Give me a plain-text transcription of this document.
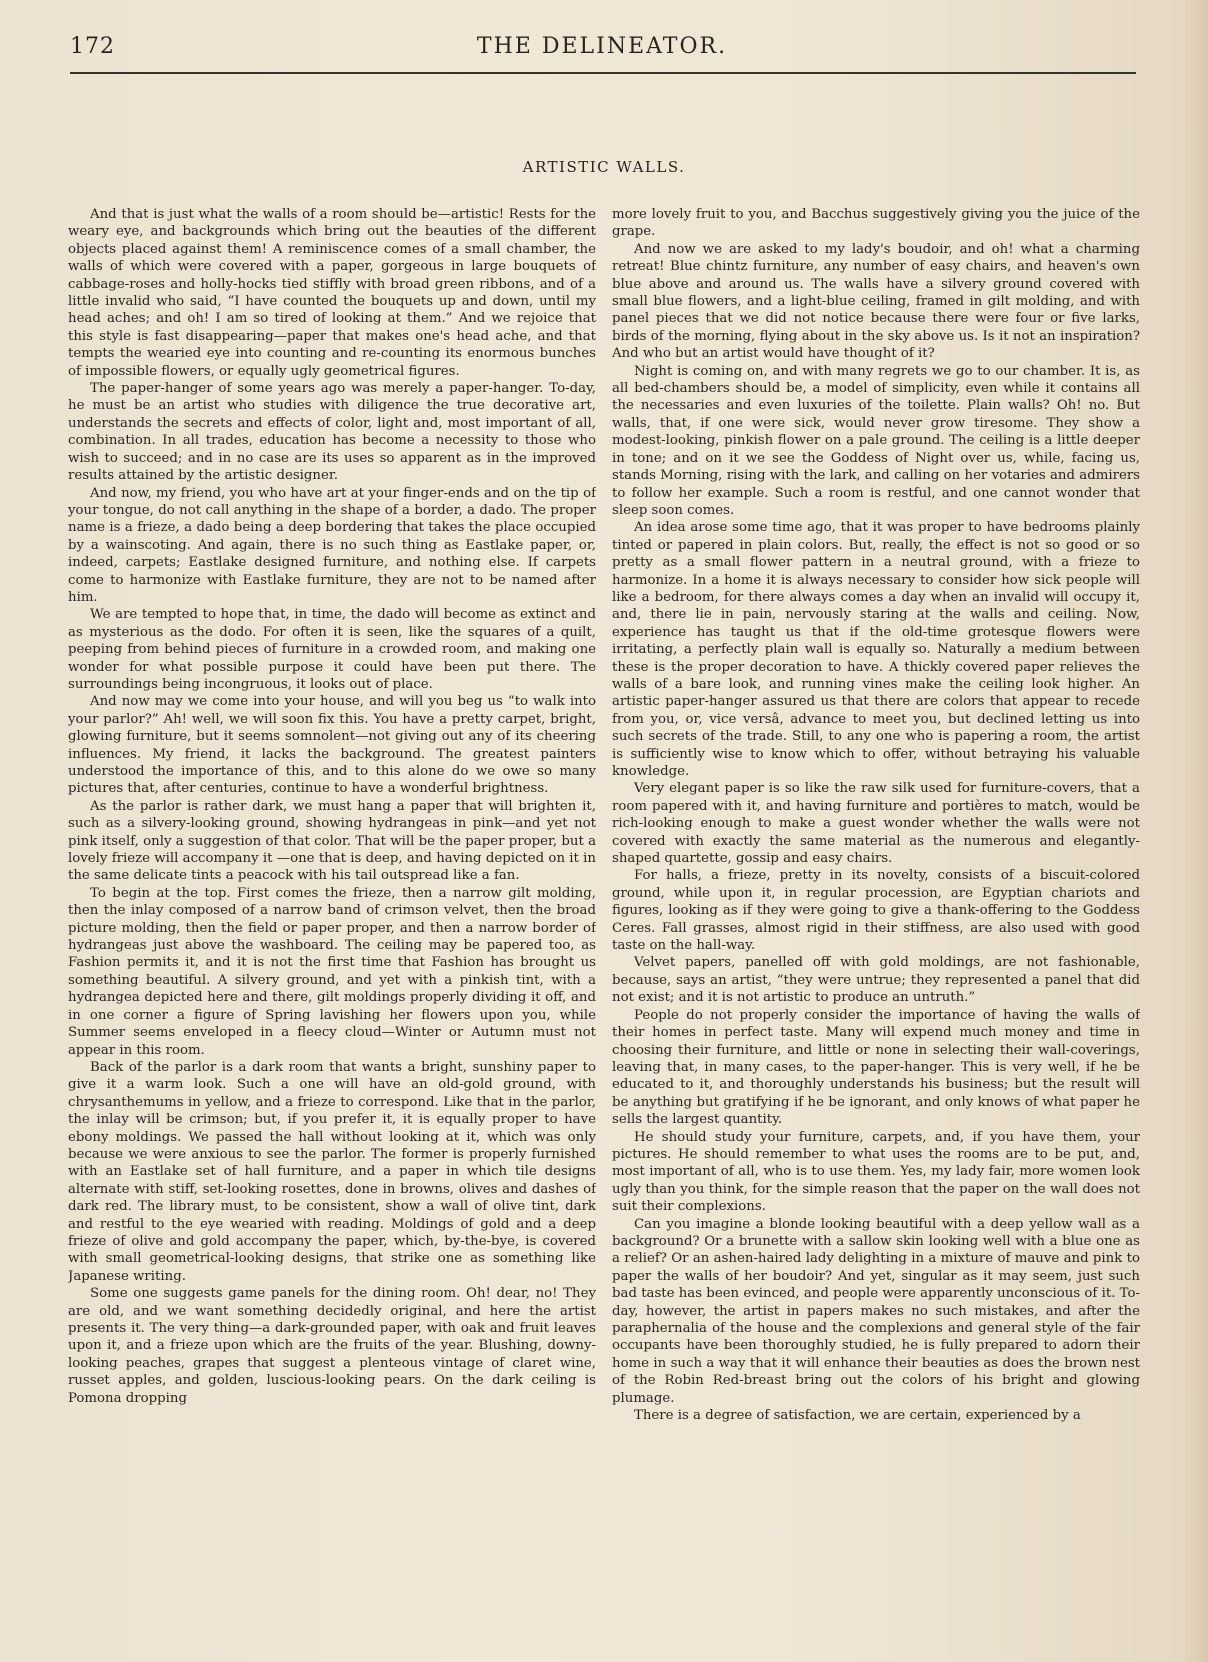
172	THE DELINEATOR.
ARTISTIC WALLS.

And that is just what the walls of a room should be—artistic! Rests for the weary eye, and backgrounds which bring out the beauties of the different objects placed against them! A reminiscence comes of a small chamber, the walls of which were covered with a paper, gorgeous in large bouquets of cabbage-roses and holly-hocks tied stiffly with broad green ribbons, and of a little invalid who said, “I have counted the bouquets up and down, until my head aches; and oh! I am so tired of looking at them.” And we rejoice that this style is fast disappearing—paper that makes one's head ache, and that tempts the wearied eye into counting and re-counting its enormous bunches of impossible flowers, or equally ugly geometrical figures.

The paper-hanger of some years ago was merely a paper-hanger. To-day, he must be an artist who studies with diligence the true decorative art, understands the secrets and effects of color, light and, most important of all, combination. In all trades, education has become a necessity to those who wish to succeed; and in no case are its uses so apparent as in the improved results attained by the artistic designer.

And now, my friend, you who have art at your finger-ends and on the tip of your tongue, do not call anything in the shape of a border, a dado. The proper name is a frieze, a dado being a deep bordering that takes the place occupied by a wainscoting. And again, there is no such thing as Eastlake paper, or, indeed, carpets; Eastlake designed furniture, and nothing else. If carpets come to harmonize with Eastlake furniture, they are not to be named after him.

We are tempted to hope that, in time, the dado will become as extinct and as mysterious as the dodo. For often it is seen, like the squares of a quilt, peeping from behind pieces of furniture in a crowded room, and making one wonder for what possible purpose it could have been put there. The surroundings being incongruous, it looks out of place.

And now may we come into your house, and will you beg us “to walk into your parlor?” Ah! well, we will soon fix this. You have a pretty carpet, bright, glowing furniture, but it seems somnolent—not giving out any of its cheering influences. My friend, it lacks the background. The greatest painters understood the importance of this, and to this alone do we owe so many pictures that, after centuries, continue to have a wonderful brightness.

As the parlor is rather dark, we must hang a paper that will brighten it, such as a silvery-looking ground, showing hydrangeas in pink—and yet not pink itself, only a suggestion of that color. That will be the paper proper, but a lovely frieze will accompany it —one that is deep, and having depicted on it in the same delicate tints a peacock with his tail outspread like a fan.

To begin at the top. First comes the frieze, then a narrow gilt molding, then the inlay composed of a narrow band of crimson velvet, then the broad picture molding, then the field or paper proper, and then a narrow border of hydrangeas just above the washboard. The ceiling may be papered too, as Fashion permits it, and it is not the first time that Fashion has brought us something beautiful. A silvery ground, and yet with a pinkish tint, with a hydrangea depicted here and there, gilt moldings properly dividing it off, and in one corner a figure of Spring lavishing her flowers upon you, while Summer seems enveloped in a fleecy cloud—Winter or Autumn must not appear in this room.

Back of the parlor is a dark room that wants a bright, sunshiny paper to give it a warm look. Such a one will have an old-gold ground, with chrysanthemums in yellow, and a frieze to correspond. Like that in the parlor, the inlay will be crimson; but, if you prefer it, it is equally proper to have ebony moldings. We passed the hall without looking at it, which was only because we were anxious to see the parlor. The former is properly furnished with an Eastlake set of hall furniture, and a paper in which tile designs alternate with stiff, set-looking rosettes, done in browns, olives and dashes of dark red. The library must, to be consistent, show a wall of olive tint, dark and restful to the eye wearied with reading. Moldings of gold and a deep frieze of olive and gold accompany the paper, which, by-the-bye, is covered with small geometrical-looking designs, that strike one as something like Japanese writing.

Some one suggests game panels for the dining room. Oh! dear, no! They are old, and we want something decidedly original, and here the artist presents it. The very thing—a dark-grounded paper, with oak and fruit leaves upon it, and a frieze upon which are the fruits of the year. Blushing, downy-looking peaches, grapes that suggest a plenteous vintage of claret wine, russet apples, and golden, luscious-looking pears. On the dark ceiling is Pomona dropping

more lovely fruit to you, and Bacchus suggestively giving you the juice of the grape.

And now we are asked to my lady's boudoir, and oh! what a charming retreat! Blue chintz furniture, any number of easy chairs, and heaven's own blue above and around us. The walls have a silvery ground covered with small blue flowers, and a light-blue ceiling, framed in gilt molding, and with panel pieces that we did not notice because there were four or five larks, birds of the morning, flying about in the sky above us. Is it not an inspiration? And who but an artist would have thought of it?

Night is coming on, and with many regrets we go to our chamber. It is, as all bed-chambers should be, a model of simplicity, even while it contains all the necessaries and even luxuries of the toilette. Plain walls? Oh! no. But walls, that, if one were sick, would never grow tiresome. They show a modest-looking, pinkish flower on a pale ground. The ceiling is a little deeper in tone; and on it we see the Goddess of Night over us, while, facing us, stands Morning, rising with the lark, and calling on her votaries and admirers to follow her example. Such a room is restful, and one cannot wonder that sleep soon comes.

An idea arose some time ago, that it was proper to have bedrooms plainly tinted or papered in plain colors. But, really, the effect is not so good or so pretty as a small flower pattern in a neutral ground, with a frieze to harmonize. In a home it is always necessary to consider how sick people will like a bedroom, for there always comes a day when an invalid will occupy it, and, there lie in pain, nervously staring at the walls and ceiling. Now, experience has taught us that if the old-time grotesque flowers were irritating, a perfectly plain wall is equally so. Naturally a medium between these is the proper decoration to have. A thickly covered paper relieves the walls of a bare look, and running vines make the ceiling look higher. An artistic paper-hanger assured us that there are colors that appear to recede from you, or, vice versâ, advance to meet you, but declined letting us into such secrets of the trade. Still, to any one who is papering a room, the artist is sufficiently wise to know which to offer, without betraying his valuable knowledge.

Very elegant paper is so like the raw silk used for furniture-covers, that a room papered with it, and having furniture and portières to match, would be rich-looking enough to make a guest wonder whether the walls were not covered with exactly the same material as the numerous and elegantly-shaped quartette, gossip and easy chairs.

For halls, a frieze, pretty in its novelty, consists of a biscuit-colored ground, while upon it, in regular procession, are Egyptian chariots and figures, looking as if they were going to give a thank-offering to the Goddess Ceres. Fall grasses, almost rigid in their stiffness, are also used with good taste on the hall-way.

Velvet papers, panelled off with gold moldings, are not fashionable, because, says an artist, “they were untrue; they represented a panel that did not exist; and it is not artistic to produce an untruth.”

People do not properly consider the importance of having the walls of their homes in perfect taste. Many will expend much money and time in choosing their furniture, and little or none in selecting their wall-coverings, leaving that, in many cases, to the paper-hanger. This is very well, if he be educated to it, and thoroughly understands his business; but the result will be anything but gratifying if he be ignorant, and only knows of what paper he sells the largest quantity.

He should study your furniture, carpets, and, if you have them, your pictures. He should remember to what uses the rooms are to be put, and, most important of all, who is to use them. Yes, my lady fair, more women look ugly than you think, for the simple reason that the paper on the wall does not suit their complexions.

Can you imagine a blonde looking beautiful with a deep yellow wall as a background? Or a brunette with a sallow skin looking well with a blue one as a relief? Or an ashen-haired lady delighting in a mixture of mauve and pink to paper the walls of her boudoir? And yet, singular as it may seem, just such bad taste has been evinced, and people were apparently unconscious of it. To-day, however, the artist in papers makes no such mistakes, and after the paraphernalia of the house and the complexions and general style of the fair occupants have been thoroughly studied, he is fully prepared to adorn their home in such a way that it will enhance their beauties as does the brown nest of the Robin Red-breast bring out the colors of his bright and glowing plumage.

There is a degree of satisfaction, we are certain, experienced by a
